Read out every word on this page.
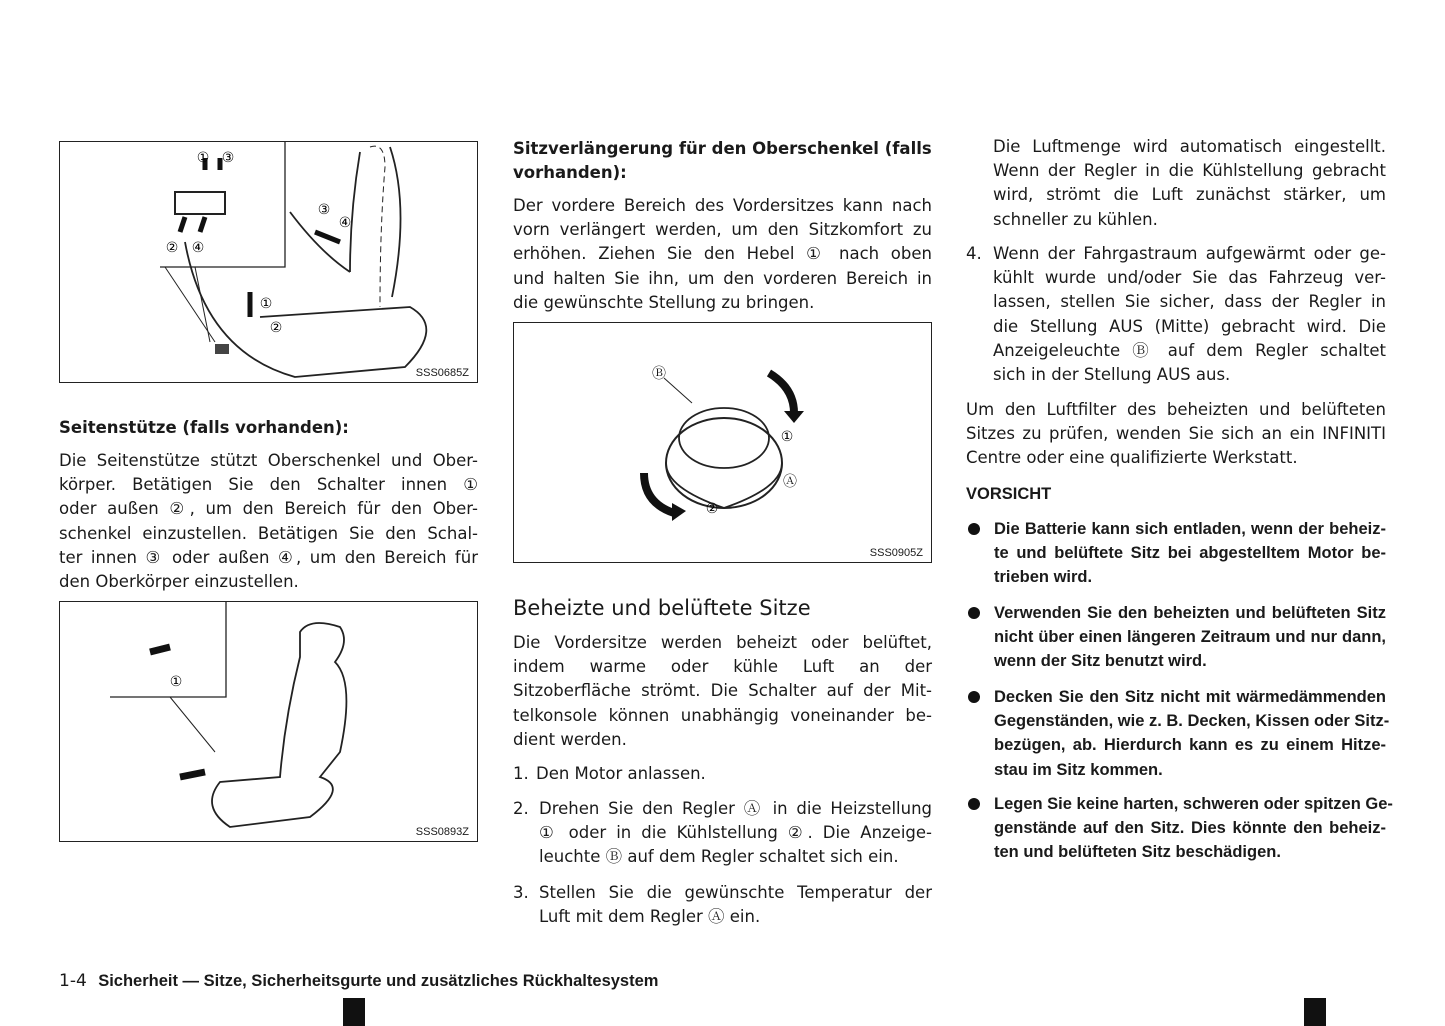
Seitenstütze (falls vorhanden):
Die Seitenstütze stützt Oberschenkel und Ober-
körper. Betätigen Sie den Schalter innen ①
oder außen ②, um den Bereich für den Ober-
schenkel einzustellen. Betätigen Sie den Schal-
ter innen ③ oder außen ④, um den Bereich für
den Oberkörper einzustellen.
① ③
② ④
③
④
①
②
SSS0685Z
①
SSS0893Z
Sitzverlängerung für den Oberschenkel (falls
vorhanden):
Der vordere Bereich des Vordersitzes kann nach
vorn verlängert werden, um den Sitzkomfort zu
erhöhen. Ziehen Sie den Hebel ① nach oben
und halten Sie ihn, um den vorderen Bereich in
die gewünschte Stellung zu bringen.
Ⓑ
①
Ⓐ
②
SSS0905Z
Beheizte und belüftete Sitze
Die Vordersitze werden beheizt oder belüftet,
indem warme oder kühle Luft an der
Sitzoberfläche strömt. Die Schalter auf der Mit-
telkonsole können unabhängig voneinander be-
dient werden.
1. Den Motor anlassen.
2. Drehen Sie den Regler Ⓐ in die Heizstellung
① oder in die Kühlstellung ②. Die Anzeige-
leuchte Ⓑ auf dem Regler schaltet sich ein.
3. Stellen Sie die gewünschte Temperatur der
Luft mit dem Regler Ⓐ ein.
Die Luftmenge wird automatisch eingestellt.
Wenn der Regler in die Kühlstellung gebracht
wird, strömt die Luft zunächst stärker, um
schneller zu kühlen.
4. Wenn der Fahrgastraum aufgewärmt oder ge-
kühlt wurde und/oder Sie das Fahrzeug ver-
lassen, stellen Sie sicher, dass der Regler in
die Stellung AUS (Mitte) gebracht wird. Die
Anzeigeleuchte Ⓑ auf dem Regler schaltet
sich in der Stellung AUS aus.
Um den Luftfilter des beheizten und belüfteten
Sitzes zu prüfen, wenden Sie sich an ein INFINITI
Centre oder eine qualifizierte Werkstatt.
VORSICHT
Die Batterie kann sich entladen, wenn der beheiz-
te und belüftete Sitz bei abgestelltem Motor be-
trieben wird.
Verwenden Sie den beheizten und belüfteten Sitz
nicht über einen längeren Zeitraum und nur dann,
wenn der Sitz benutzt wird.
Decken Sie den Sitz nicht mit wärmedämmenden
Gegenständen, wie z. B. Decken, Kissen oder Sitz-
bezügen, ab. Hierdurch kann es zu einem Hitze-
stau im Sitz kommen.
Legen Sie keine harten, schweren oder spitzen Ge-
genstände auf den Sitz. Dies könnte den beheiz-
ten und belüfteten Sitz beschädigen.
1-4 Sicherheit — Sitze, Sicherheitsgurte und zusätzliches Rückhaltesystem
